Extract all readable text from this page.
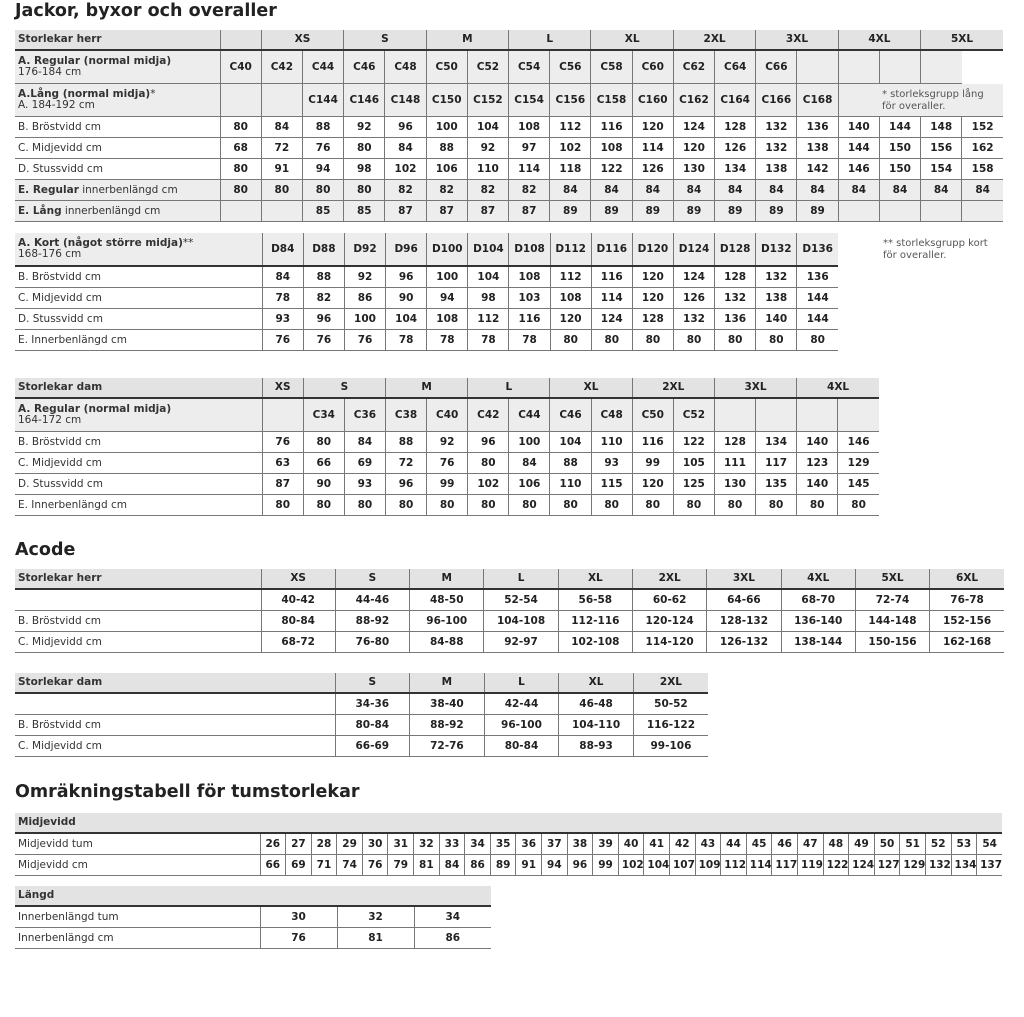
Jackor, byxor och overaller
Acode
Omräkningstabell för tumstorlekar
Storlekar herr		XS		S		M		L		XL		2XL		3XL		4XL		5XL	
A. Regular (normal midja)
176-184 cm	C40	C42	C44	C46	C48	C50	C52	C54	C56	C58	C60	C62	C64	C66					
A.Lång (normal midja)*
A. 184-192 cm			C144	C146	C148	C150	C152	C154	C156	C158	C160	C162	C164	C166	C168				
B. Bröstvidd cm	80	84	88	92	96	100	104	108	112	116	120	124	128	132	136	140	144	148	152
C. Midjevidd cm	68	72	76	80	84	88	92	97	102	108	114	120	126	132	138	144	150	156	162
D. Stussvidd cm	80	91	94	98	102	106	110	114	118	122	126	130	134	138	142	146	150	154	158
E. Regular innerbenlängd cm	80	80	80	80	82	82	82	82	84	84	84	84	84	84	84	84	84	84	84
E. Lång innerbenlängd cm			85	85	87	87	87	87	89	89	89	89	89	89	89				
* storleksgrupp lång för overaller.
A. Kort (något större midja)**
168-176 cm	D84	D88	D92	D96	D100	D104	D108	D112	D116	D120	D124	D128	D132	D136
B. Bröstvidd cm	84	88	92	96	100	104	108	112	116	120	124	128	132	136
C. Midjevidd cm	78	82	86	90	94	98	103	108	114	120	126	132	138	144
D. Stussvidd cm	93	96	100	104	108	112	116	120	124	128	132	136	140	144
E. Innerbenlängd cm	76	76	76	78	78	78	78	80	80	80	80	80	80	80
** storleksgrupp kort för overaller.
Storlekar dam	XS	S		M		L		XL		2XL		3XL		4XL	
A. Regular (normal midja)
164-172 cm		C34	C36	C38	C40	C42	C44	C46	C48	C50	C52				
B. Bröstvidd cm	76	80	84	88	92	96	100	104	110	116	122	128	134	140	146
C. Midjevidd cm	63	66	69	72	76	80	84	88	93	99	105	111	117	123	129
D. Stussvidd cm	87	90	93	96	99	102	106	110	115	120	125	130	135	140	145
E. Innerbenlängd cm	80	80	80	80	80	80	80	80	80	80	80	80	80	80	80
Storlekar herr	XS	S	M	L	XL	2XL	3XL	4XL	5XL	6XL
	40-42	44-46	48-50	52-54	56-58	60-62	64-66	68-70	72-74	76-78
B. Bröstvidd cm	80-84	88-92	96-100	104-108	112-116	120-124	128-132	136-140	144-148	152-156
C. Midjevidd cm	68-72	76-80	84-88	92-97	102-108	114-120	126-132	138-144	150-156	162-168
Storlekar dam	S	M	L	XL	2XL
	34-36	38-40	42-44	46-48	50-52
B. Bröstvidd cm	80-84	88-92	96-100	104-110	116-122
C. Midjevidd cm	66-69	72-76	80-84	88-93	99-106
Midjevidd																													
Midjevidd tum	26	27	28	29	30	31	32	33	34	35	36	37	38	39	40	41	42	43	44	45	46	47	48	49	50	51	52	53	54
Midjevidd cm	66	69	71	74	76	79	81	84	86	89	91	94	96	99	102	104	107	109	112	114	117	119	122	124	127	129	132	134	137
Längd			
Innerbenlängd tum	30	32	34
Innerbenlängd cm	76	81	86
